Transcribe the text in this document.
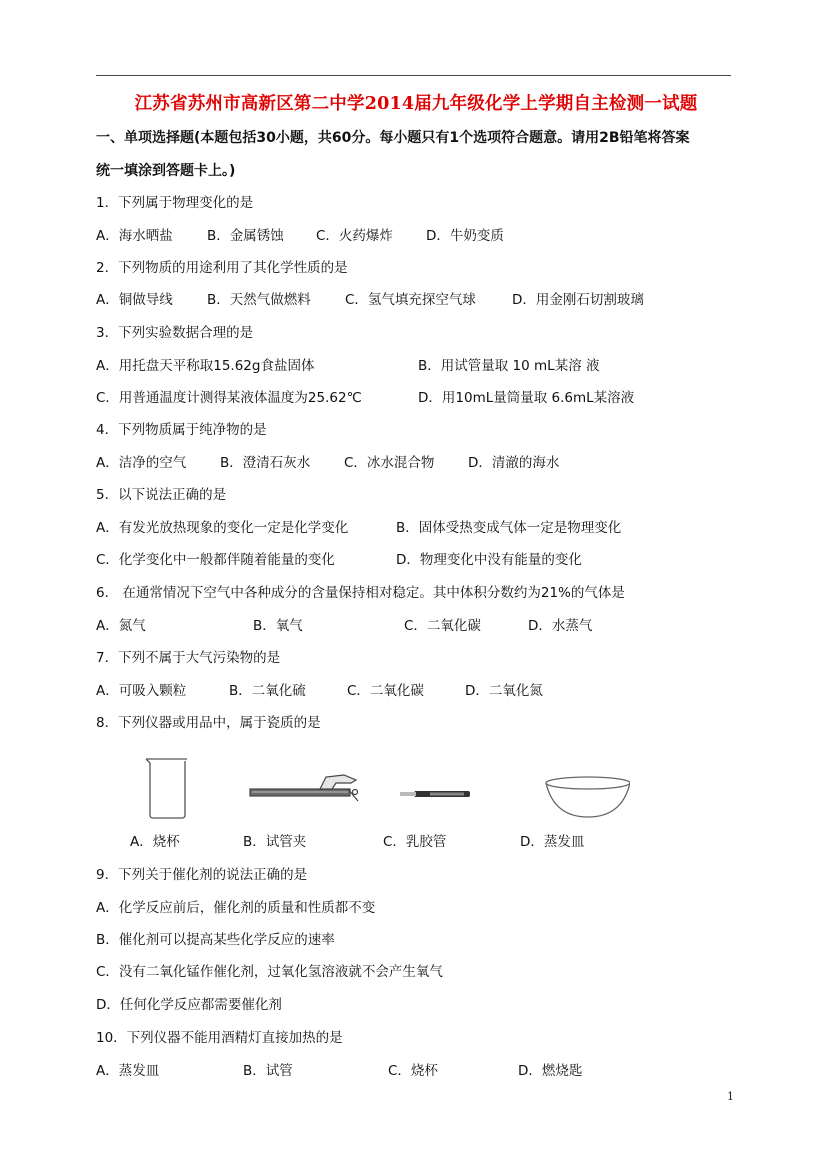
江苏省苏州市高新区第二中学2014届九年级化学上学期自主检测一试题
一、单项选择题(本题包括30小题，共60分。每小题只有1个选项符合题意。请用2B铅笔将答案
统一填涂到答题卡上。)
1．下列属于物理变化的是
A．海水晒盐	B．金属锈蚀 C．火药爆炸 D．牛奶变质
2．下列物质的用途利用了其化学性质的是
A．铜做导线	B．天然气做燃料	C．氢气填充探空气球	D．用金刚石切割玻璃
3．下列实验数据合理的是
A．用托盘天平称取15.62g食盐固体	B．用试管量取 10 mL某溶 液
C．用普通温度计测得某液体温度为25.62℃	D．用10mL量筒量取 6.6mL某溶液
4．下列物质属于纯净物的是
A．洁净的空气	B．澄清石灰水 C．冰水混合物 D．清澈的海水
5．以下说法正确的是
A．有发光放热现象的变化一定是化学变化	B．固体受热变成气体一定是物理变化
C．化学变化中一般都伴随着能量的变化	D．物理变化中没有能量的变化
6． 在通常情况下空气中各种成分的含量保持相对稳定。其中体积分数约为21%的气体是
A．氮气	B．氧气	C．二氧化碳	D．水蒸气
7．下列不属于大气污染物的是
A．可吸入颗粒	B．二氧化硫	C．二氧化碳	D．二氧化氮
8．下列仪器或用品中，属于瓷质的是
A．烧杯	B．试管夹	C．乳胶管	D．蒸发皿
9．下列关于催化剂的说法正确的是
A．化学反应前后，催化剂的质量和性质都不变
B．催化剂可以提高某些化学反应的速率
C．没有二氧化锰作催化剂，过氧化氢溶液就不会产生氧气
D．任何化学反应都需要催化剂
10．下列仪器不能用酒精灯直接加热的是
A．蒸发皿	B．试管	C．烧杯	D．燃烧匙
1
